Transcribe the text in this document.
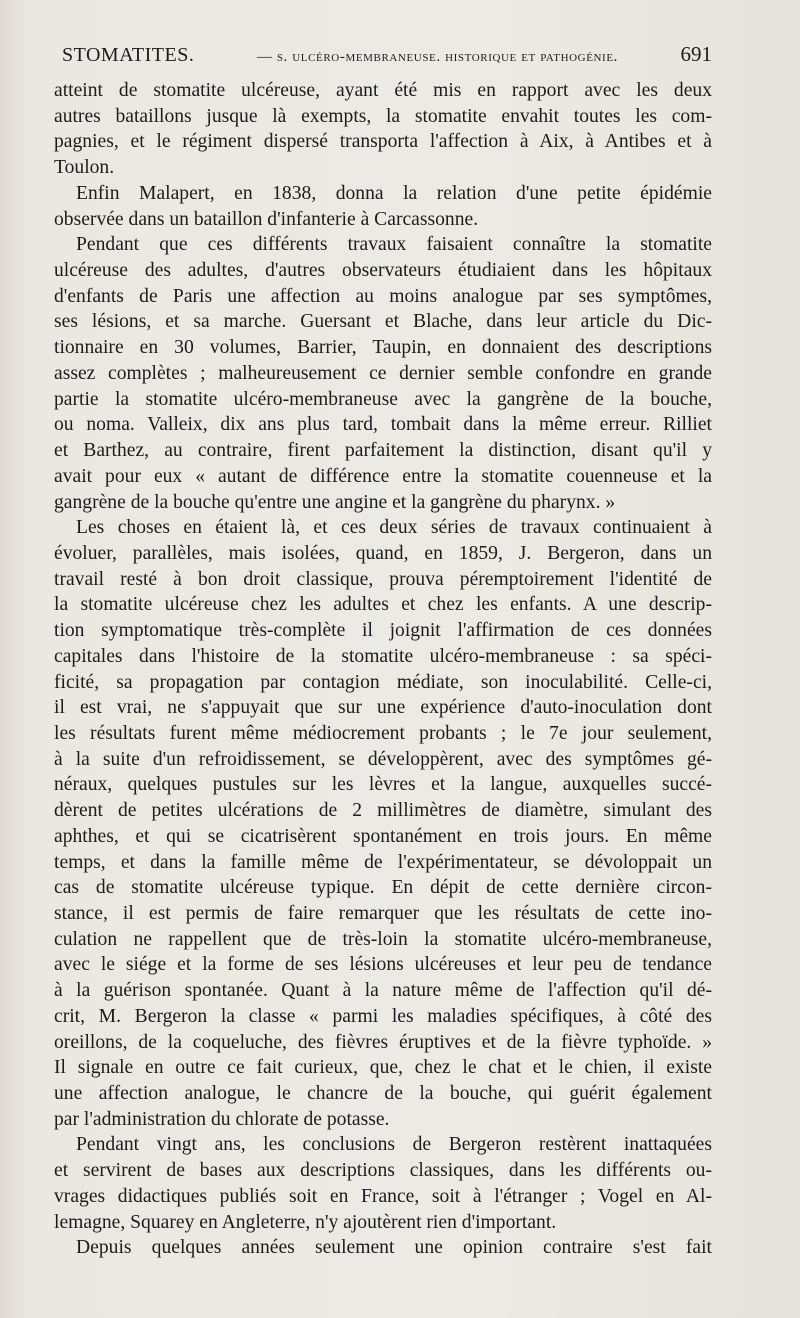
STOMATITES.	— s. ulcéro-membraneuse. historique et pathogénie.	691
atteint de stomatite ulcéreuse, ayant été mis en rapport avec les deux
autres bataillons jusque là exempts, la stomatite envahit toutes les com-
pagnies, et le régiment dispersé transporta l'affection à Aix, à Antibes et à
Toulon.
Enfin Malapert, en 1838, donna la relation d'une petite épidémie
observée dans un bataillon d'infanterie à Carcassonne.
Pendant que ces différents travaux faisaient connaître la stomatite
ulcéreuse des adultes, d'autres observateurs étudiaient dans les hôpitaux
d'enfants de Paris une affection au moins analogue par ses symptômes,
ses lésions, et sa marche. Guersant et Blache, dans leur article du Dic-
tionnaire en 30 volumes, Barrier, Taupin, en donnaient des descriptions
assez complètes ; malheureusement ce dernier semble confondre en grande
partie la stomatite ulcéro-membraneuse avec la gangrène de la bouche,
ou noma. Valleix, dix ans plus tard, tombait dans la même erreur. Rilliet
et Barthez, au contraire, firent parfaitement la distinction, disant qu'il y
avait pour eux « autant de différence entre la stomatite couenneuse et la
gangrène de la bouche qu'entre une angine et la gangrène du pharynx. »
Les choses en étaient là, et ces deux séries de travaux continuaient à
évoluer, parallèles, mais isolées, quand, en 1859, J. Bergeron, dans un
travail resté à bon droit classique, prouva péremptoirement l'identité de
la stomatite ulcéreuse chez les adultes et chez les enfants. A une descrip-
tion symptomatique très-complète il joignit l'affirmation de ces données
capitales dans l'histoire de la stomatite ulcéro-membraneuse : sa spéci-
ficité, sa propagation par contagion médiate, son inoculabilité. Celle-ci,
il est vrai, ne s'appuyait que sur une expérience d'auto-inoculation dont
les résultats furent même médiocrement probants ; le 7e jour seulement,
à la suite d'un refroidissement, se développèrent, avec des symptômes gé-
néraux, quelques pustules sur les lèvres et la langue, auxquelles succé-
dèrent de petites ulcérations de 2 millimètres de diamètre, simulant des
aphthes, et qui se cicatrisèrent spontanément en trois jours. En même
temps, et dans la famille même de l'expérimentateur, se dévoloppait un
cas de stomatite ulcéreuse typique. En dépit de cette dernière circon-
stance, il est permis de faire remarquer que les résultats de cette ino-
culation ne rappellent que de très-loin la stomatite ulcéro-membraneuse,
avec le siége et la forme de ses lésions ulcéreuses et leur peu de tendance
à la guérison spontanée. Quant à la nature même de l'affection qu'il dé-
crit, M. Bergeron la classe « parmi les maladies spécifiques, à côté des
oreillons, de la coqueluche, des fièvres éruptives et de la fièvre typhoïde. »
Il signale en outre ce fait curieux, que, chez le chat et le chien, il existe
une affection analogue, le chancre de la bouche, qui guérit également
par l'administration du chlorate de potasse.
Pendant vingt ans, les conclusions de Bergeron restèrent inattaquées
et servirent de bases aux descriptions classiques, dans les différents ou-
vrages didactiques publiés soit en France, soit à l'étranger ; Vogel en Al-
lemagne, Squarey en Angleterre, n'y ajoutèrent rien d'important.
Depuis quelques années seulement une opinion contraire s'est fait
